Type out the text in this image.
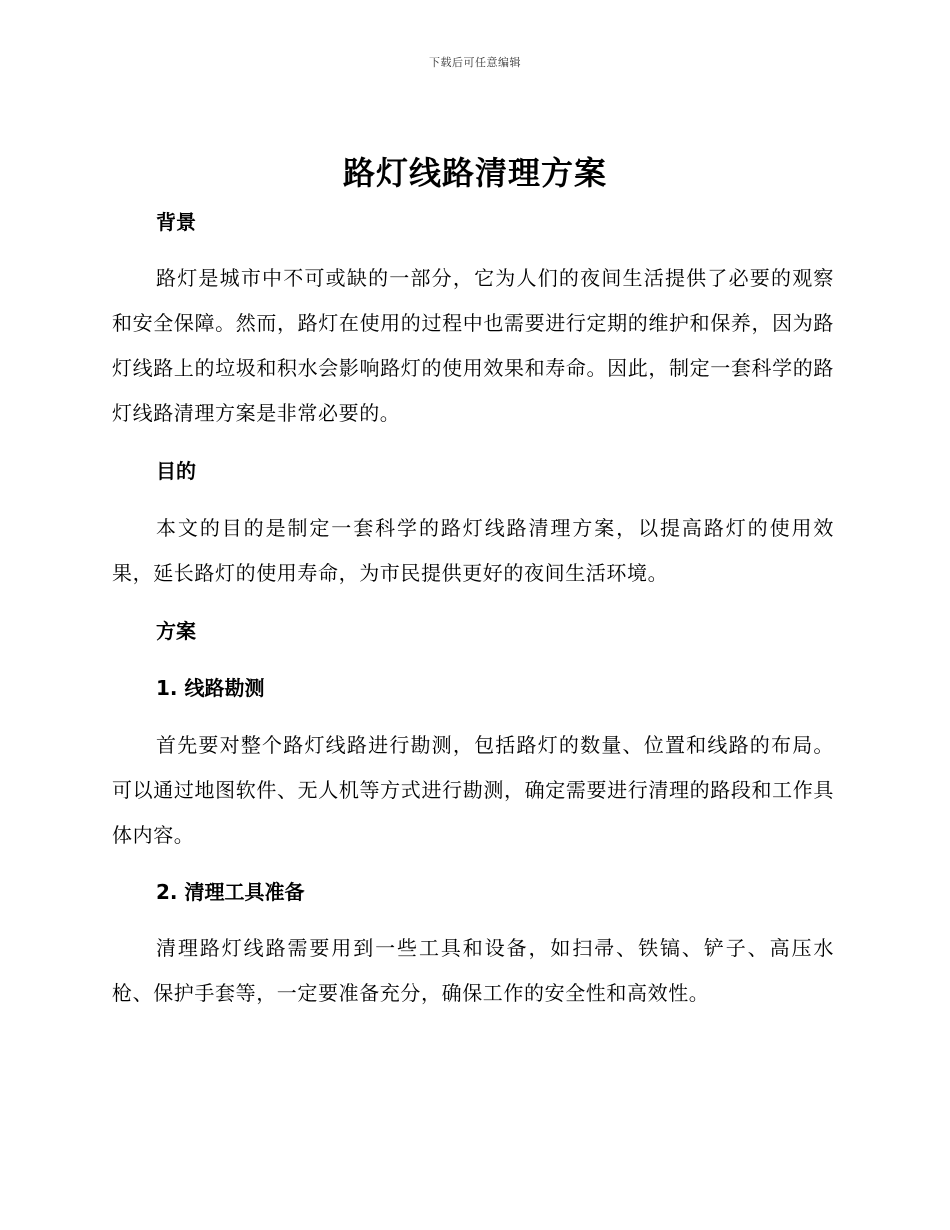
下载后可任意编辑
路灯线路清理方案
背景
路灯是城市中不可或缺的一部分，它为人们的夜间生活提供了必要的观察和安全保障。然而，路灯在使用的过程中也需要进行定期的维护和保养，因为路灯线路上的垃圾和积水会影响路灯的使用效果和寿命。因此，制定一套科学的路灯线路清理方案是非常必要的。
目的
本文的目的是制定一套科学的路灯线路清理方案，以提高路灯的使用效果，延长路灯的使用寿命，为市民提供更好的夜间生活环境。
方案
1. 线路勘测
首先要对整个路灯线路进行勘测，包括路灯的数量、位置和线路的布局。可以通过地图软件、无人机等方式进行勘测，确定需要进行清理的路段和工作具体内容。
2. 清理工具准备
清理路灯线路需要用到一些工具和设备，如扫帚、铁镐、铲子、高压水枪、保护手套等，一定要准备充分，确保工作的安全性和高效性。
